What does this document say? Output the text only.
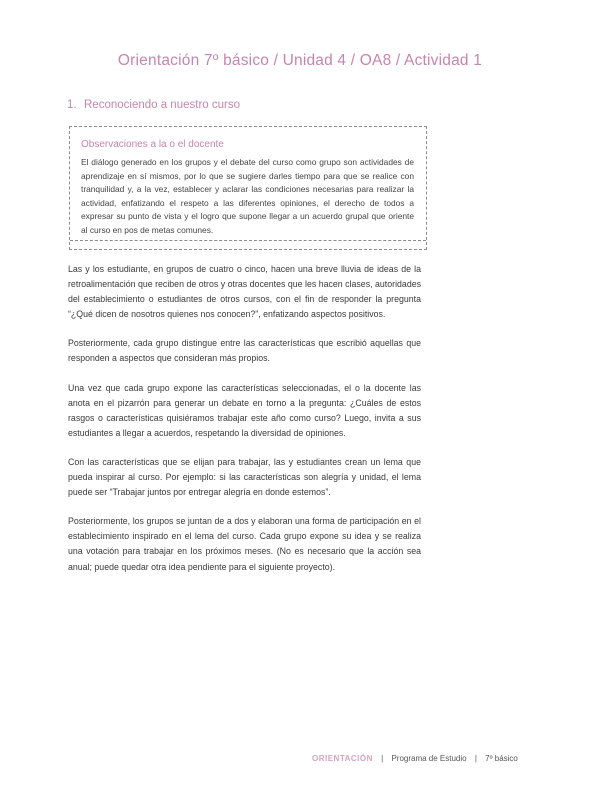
Orientación 7º básico / Unidad 4 / OA8 / Actividad 1
1. Reconociendo a nuestro curso
Observaciones a la o el docente
El diálogo generado en los grupos y el debate del curso como grupo son actividades de aprendizaje en sí mismos, por lo que se sugiere darles tiempo para que se realice con tranquilidad y, a la vez, establecer y aclarar las condiciones necesarias para realizar la actividad, enfatizando el respeto a las diferentes opiniones, el derecho de todos a expresar su punto de vista y el logro que supone llegar a un acuerdo grupal que oriente al curso en pos de metas comunes.

Las y los estudiante, en grupos de cuatro o cinco, hacen una breve lluvia de ideas de la retroalimentación que reciben de otros y otras docentes que les hacen clases, autoridades del establecimiento o estudiantes de otros cursos, con el fin de responder la pregunta “¿Qué dicen de nosotros quienes nos conocen?”, enfatizando aspectos positivos.

Posteriormente, cada grupo distingue entre las características que escribió aquellas que responden a aspectos que consideran más propios.

Una vez que cada grupo expone las características seleccionadas, el o la docente las anota en el pizarrón para generar un debate en torno a la pregunta: ¿Cuáles de estos rasgos o características quisiéramos trabajar este año como curso? Luego, invita a sus estudiantes a llegar a acuerdos, respetando la diversidad de opiniones.

Con las características que se elijan para trabajar, las y estudiantes crean un lema que pueda inspirar al curso. Por ejemplo: si las características son alegría y unidad, el lema puede ser “Trabajar juntos por entregar alegría en donde estemos”.

Posteriormente, los grupos se juntan de a dos y elaboran una forma de participación en el establecimiento inspirado en el lema del curso. Cada grupo expone su idea y se realiza una votación para trabajar en los próximos meses. (No es necesario que la acción sea anual; puede quedar otra idea pendiente para el siguiente proyecto).

ORIENTACIÓN | Programa de Estudio | 7º básico
